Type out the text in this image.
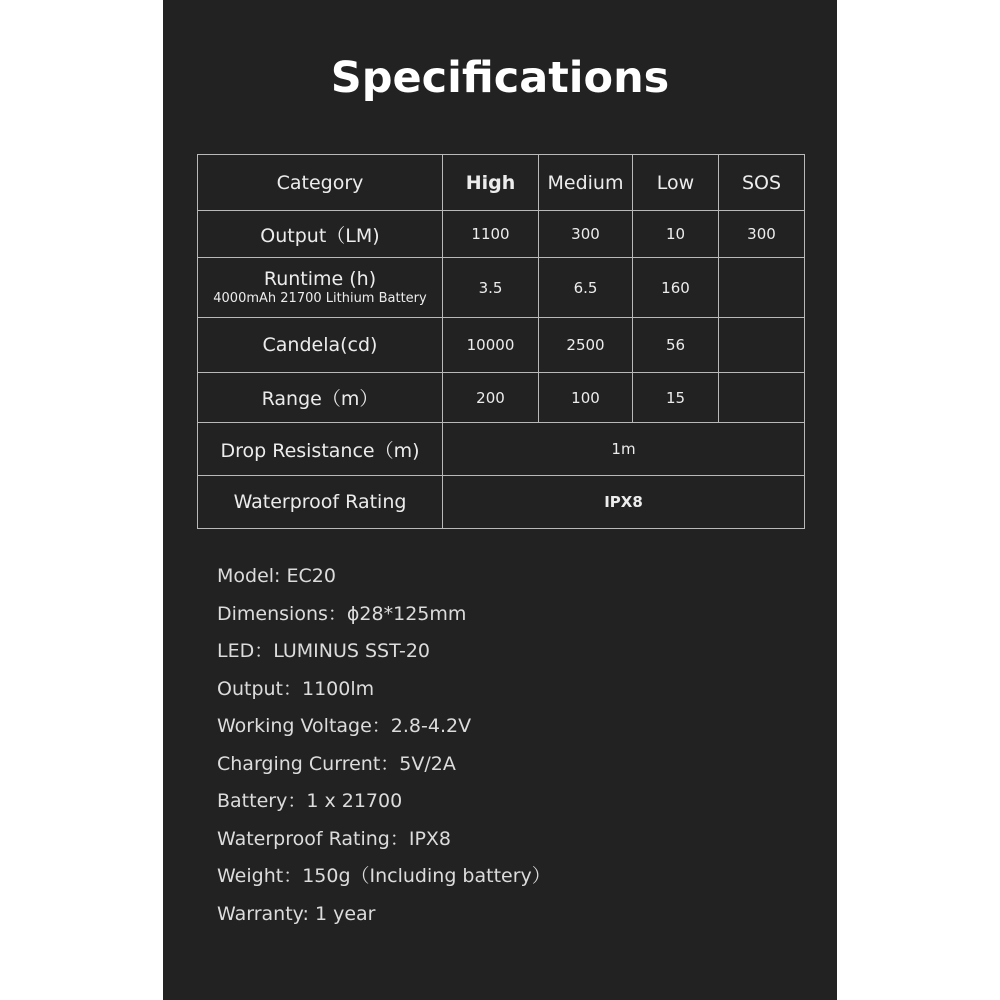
Specifications
Category	High	Medium	Low	SOS
Output（LM)	1100	300	10	300

Runtime (h)
4000mAh 21700 Lithium Battery	3.5	6.5	160	
Candela(cd)	10000	2500	56	
Range（m）	200	100	15	
Drop Resistance（m)	1m			
Waterproof Rating	IPX8			
Model: EC20
Dimensions：ϕ28*125mm
LED：LUMINUS SST-20
Output：1100lm
Working Voltage：2.8-4.2V
Charging Current：5V/2A
Battery：1 x 21700
Waterproof Rating：IPX8
Weight：150g（Including battery）
Warranty: 1 year
